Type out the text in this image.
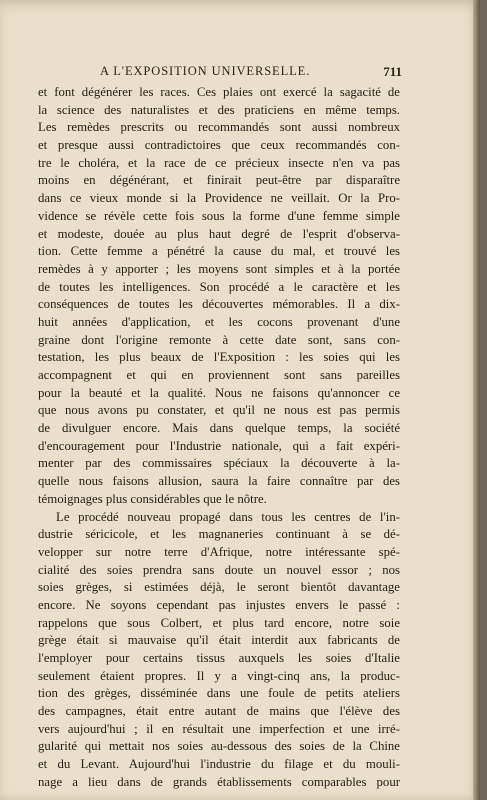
A L'EXPOSITION UNIVERSELLE.	711
et font dégénérer les races. Ces plaies ont exercé la sagacité de
la science des naturalistes et des praticiens en même temps.
Les remèdes prescrits ou recommandés sont aussi nombreux
et presque aussi contradictoires que ceux recommandés con-
tre le choléra, et la race de ce précieux insecte n'en va pas
moins en dégénérant, et finirait peut-être par disparaître
dans ce vieux monde si la Providence ne veillait. Or la Pro-
vidence se révèle cette fois sous la forme d'une femme simple
et modeste, douée au plus haut degré de l'esprit d'observa-
tion. Cette femme a pénétré la cause du mal, et trouvé les
remèdes à y apporter ; les moyens sont simples et à la portée
de toutes les intelligences. Son procédé a le caractère et les
conséquences de toutes les découvertes mémorables. Il a dix-
huit années d'application, et les cocons provenant d'une
graine dont l'origine remonte à cette date sont, sans con-
testation, les plus beaux de l'Exposition : les soies qui les
accompagnent et qui en proviennent sont sans pareilles
pour la beauté et la qualité. Nous ne faisons qu'annoncer ce
que nous avons pu constater, et qu'il ne nous est pas permis
de divulguer encore. Mais dans quelque temps, la société
d'encouragement pour l'Industrie nationale, qui a fait expéri-
menter par des commissaires spéciaux la découverte à la-
quelle nous faisons allusion, saura la faire connaître par des
témoignages plus considérables que le nôtre.
Le procédé nouveau propagé dans tous les centres de l'in-
dustrie séricicole, et les magnaneries continuant à se dé-
velopper sur notre terre d'Afrique, notre intéressante spé-
cialité des soies prendra sans doute un nouvel essor ; nos
soies grèges, si estimées déjà, le seront bientôt davantage
encore. Ne soyons cependant pas injustes envers le passé :
rappelons que sous Colbert, et plus tard encore, notre soie
grège était si mauvaise qu'il était interdit aux fabricants de
l'employer pour certains tissus auxquels les soies d'Italie
seulement étaient propres. Il y a vingt-cinq ans, la produc-
tion des grèges, disséminée dans une foule de petits ateliers
des campagnes, était entre autant de mains que l'élève des
vers aujourd'hui ; il en résultait une imperfection et une irré-
gularité qui mettait nos soies au-dessous des soies de la Chine
et du Levant. Aujourd'hui l'industrie du filage et du mouli-
nage a lieu dans de grands établissements comparables pour
